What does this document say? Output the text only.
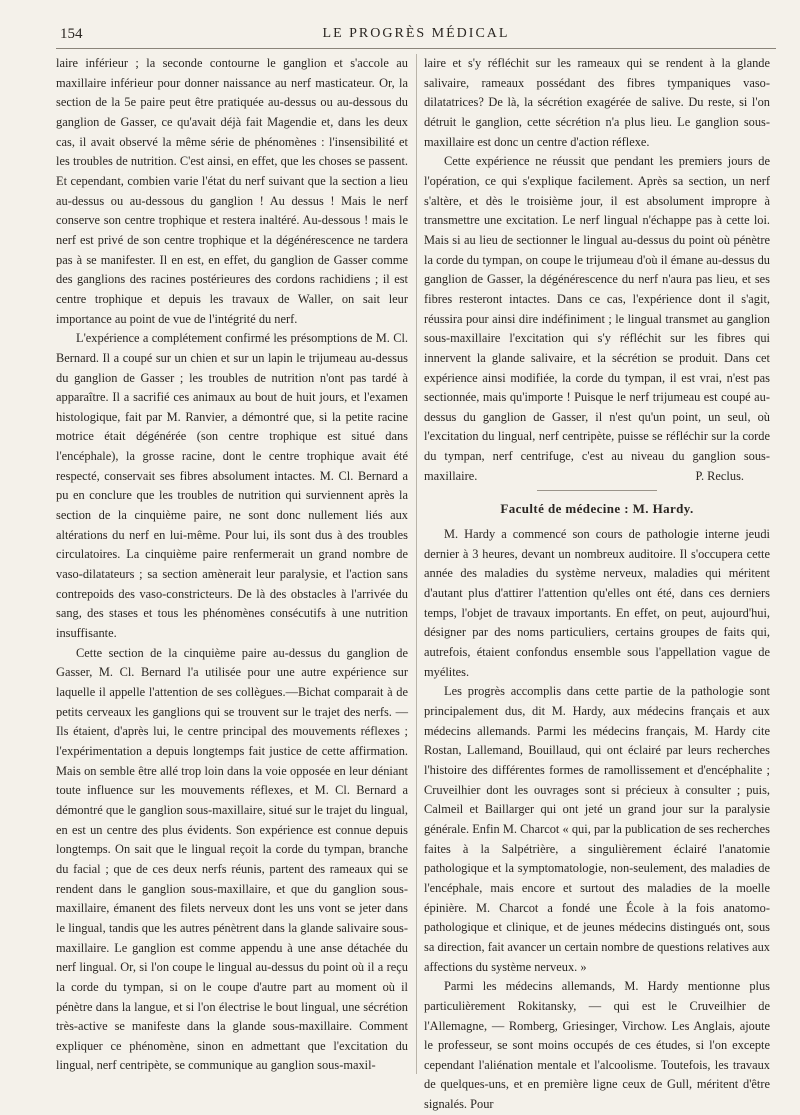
154	LE PROGRÈS MÉDICAL

laire inférieur ; la seconde contourne le ganglion et s'accole au maxillaire inférieur pour donner naissance au nerf masticateur. Or, la section de la 5e paire peut être pratiquée au-dessus ou au-dessous du ganglion de Gasser, ce qu'avait déjà fait Magendie et, dans les deux cas, il avait observé la même série de phénomènes : l'insensibilité et les troubles de nutrition. C'est ainsi, en effet, que les choses se passent. Et cependant, combien varie l'état du nerf suivant que la section a lieu au-dessus ou au-dessous du ganglion ! Au dessus ! Mais le nerf conserve son centre trophique et restera inaltéré. Au-dessous ! mais le nerf est privé de son centre trophique et la dégénérescence ne tardera pas à se manifester. Il en est, en effet, du ganglion de Gasser comme des ganglions des racines postérieures des cordons rachidiens ; il est centre trophique et depuis les travaux de Waller, on sait leur importance au point de vue de l'intégrité du nerf.

L'expérience a complétement confirmé les présomptions de M. Cl. Bernard. Il a coupé sur un chien et sur un lapin le trijumeau au-dessus du ganglion de Gasser ; les troubles de nutrition n'ont pas tardé à apparaître. Il a sacrifié ces animaux au bout de huit jours, et l'examen histologique, fait par M. Ranvier, a démontré que, si la petite racine motrice était dégénérée (son centre trophique est situé dans l'encéphale), la grosse racine, dont le centre trophique avait été respecté, conservait ses fibres absolument intactes. M. Cl. Bernard a pu en conclure que les troubles de nutrition qui surviennent après la section de la cinquième paire, ne sont donc nullement liés aux altérations du nerf en lui-même. Pour lui, ils sont dus à des troubles circulatoires. La cinquième paire renfermerait un grand nombre de vaso-dilatateurs ; sa section amènerait leur paralysie, et l'action sans contrepoids des vaso-constricteurs. De là des obstacles à l'arrivée du sang, des stases et tous les phénomènes consécutifs à une nutrition insuffisante.

Cette section de la cinquième paire au-dessus du ganglion de Gasser, M. Cl. Bernard l'a utilisée pour une autre expérience sur laquelle il appelle l'attention de ses collègues.—Bichat comparait à de petits cerveaux les ganglions qui se trouvent sur le trajet des nerfs. — Ils étaient, d'après lui, le centre principal des mouvements réflexes ; l'expérimentation a depuis longtemps fait justice de cette affirmation. Mais on semble être allé trop loin dans la voie opposée en leur déniant toute influence sur les mouvements réflexes, et M. Cl. Bernard a démontré que le ganglion sous-maxillaire, situé sur le trajet du lingual, en est un centre des plus évidents. Son expérience est connue depuis longtemps. On sait que le lingual reçoit la corde du tympan, branche du facial ; que de ces deux nerfs réunis, partent des rameaux qui se rendent dans le ganglion sous-maxillaire, et que du ganglion sous-maxillaire, émanent des filets nerveux dont les uns vont se jeter dans le lingual, tandis que les autres pénètrent dans la glande salivaire sous-maxillaire. Le ganglion est comme appendu à une anse détachée du nerf lingual. Or, si l'on coupe le lingual au-dessus du point où il a reçu la corde du tympan, si on le coupe d'autre part au moment où il pénètre dans la langue, et si l'on électrise le bout lingual, une sécrétion très-active se manifeste dans la glande sous-maxillaire. Comment expliquer ce phénomène, sinon en admettant que l'excitation du lingual, nerf centripète, se communique au ganglion sous-maxil-

laire et s'y réfléchit sur les rameaux qui se rendent à la glande salivaire, rameaux possédant des fibres tympaniques vaso-dilatatrices? De là, la sécrétion exagérée de salive. Du reste, si l'on détruit le ganglion, cette sécrétion n'a plus lieu. Le ganglion sous-maxillaire est donc un centre d'action réflexe.

Cette expérience ne réussit que pendant les premiers jours de l'opération, ce qui s'explique facilement. Après sa section, un nerf s'altère, et dès le troisième jour, il est absolument impropre à transmettre une excitation. Le nerf lingual n'échappe pas à cette loi. Mais si au lieu de sectionner le lingual au-dessus du point où pénètre la corde du tympan, on coupe le trijumeau d'où il émane au-dessus du ganglion de Gasser, la dégénérescence du nerf n'aura pas lieu, et ses fibres resteront intactes. Dans ce cas, l'expérience dont il s'agit, réussira pour ainsi dire indéfiniment ; le lingual transmet au ganglion sous-maxillaire l'excitation qui s'y réfléchit sur les fibres qui innervent la glande salivaire, et la sécrétion se produit. Dans cet expérience ainsi modifiée, la corde du tympan, il est vrai, n'est pas sectionnée, mais qu'importe ! Puisque le nerf trijumeau est coupé au-dessus du ganglion de Gasser, il n'est qu'un point, un seul, où l'excitation du lingual, nerf centripète, puisse se réfléchir sur la corde du tympan, nerf centrifuge, c'est au niveau du ganglion sous-maxillaire.	P. Reclus.

Faculté de médecine : M. Hardy.

M. Hardy a commencé son cours de pathologie interne jeudi dernier à 3 heures, devant un nombreux auditoire. Il s'occupera cette année des maladies du système nerveux, maladies qui méritent d'autant plus d'attirer l'attention qu'elles ont été, dans ces derniers temps, l'objet de travaux importants. En effet, on peut, aujourd'hui, désigner par des noms particuliers, certains groupes de faits qui, autrefois, étaient confondus ensemble sous l'appellation vague de myélites.

Les progrès accomplis dans cette partie de la pathologie sont principalement dus, dit M. Hardy, aux médecins français et aux médecins allemands. Parmi les médecins français, M. Hardy cite Rostan, Lallemand, Bouillaud, qui ont éclairé par leurs recherches l'histoire des différentes formes de ramollissement et d'encéphalite ; Cruveilhier dont les ouvrages sont si précieux à consulter ; puis, Calmeil et Baillarger qui ont jeté un grand jour sur la paralysie générale. Enfin M. Charcot « qui, par la publication de ses recherches faites à la Salpétrière, a singulièrement éclairé l'anatomie pathologique et la symptomatologie, non-seulement, des maladies de l'encéphale, mais encore et surtout des maladies de la moelle épinière. M. Charcot a fondé une École à la fois anatomo-pathologique et clinique, et de jeunes médecins distingués ont, sous sa direction, fait avancer un certain nombre de questions relatives aux affections du système nerveux. »

Parmi les médecins allemands, M. Hardy mentionne plus particulièrement Rokitansky, — qui est le Cruveilhier de l'Allemagne, — Romberg, Griesinger, Virchow. Les Anglais, ajoute le professeur, se sont moins occupés de ces études, si l'on excepte cependant l'aliénation mentale et l'alcoolisme. Toutefois, les travaux de quelques-uns, et en première ligne ceux de Gull, méritent d'être signalés. Pour
